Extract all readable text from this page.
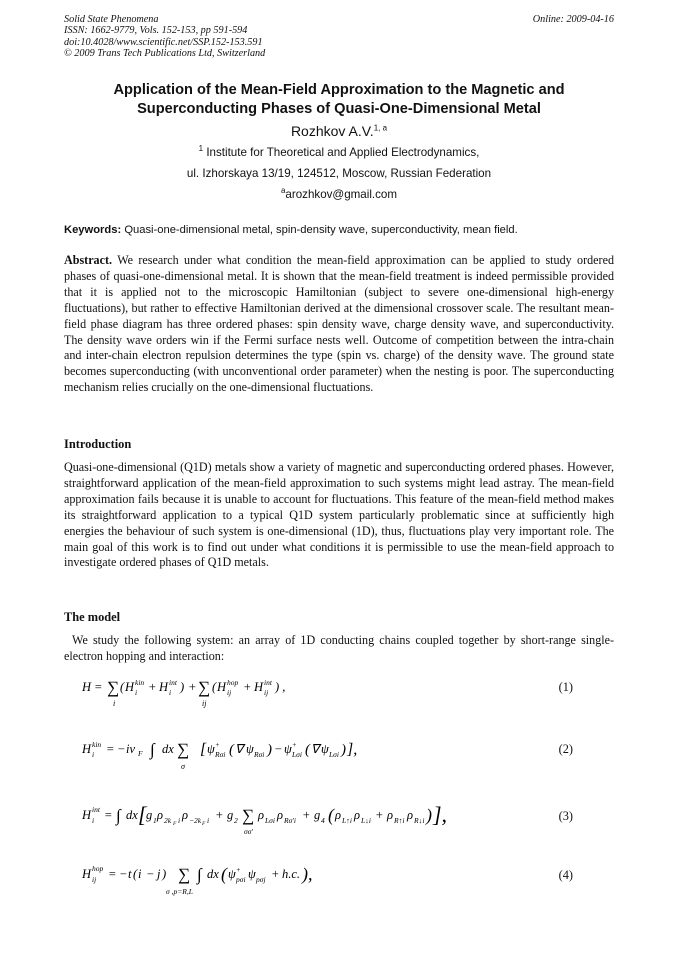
Solid State Phenomena
ISSN: 1662-9779, Vols. 152-153, pp 591-594
doi:10.4028/www.scientific.net/SSP.152-153.591
© 2009 Trans Tech Publications Ltd, Switzerland
Online: 2009-04-16
Application of the Mean-Field Approximation to the Magnetic and
Superconducting Phases of Quasi-One-Dimensional Metal
Rozhkov A.V.$^{1, a}$
$^1$ Institute for Theoretical and Applied Electrodynamics,
ul. Izhorskaya 13/19, 124512, Moscow, Russian Federation
$^a$arozhkov@gmail.com
Keywords: Quasi-one-dimensional metal, spin-density wave, superconductivity, mean field.
Abstract. We research under what condition the mean-field approximation can be applied to study ordered phases of quasi-one-dimensional metal. It is shown that the mean-field treatment is indeed permissible provided that it is applied not to the microscopic Hamiltonian (subject to severe one-dimensional high-energy fluctuations), but rather to effective Hamiltonian derived at the dimensional crossover scale. The resultant mean-field phase diagram has three ordered phases: spin density wave, charge density wave, and superconductivity. The density wave orders win if the Fermi surface nests well. Outcome of competition between the intra-chain and inter-chain electron repulsion determines the type (spin vs. charge) of the density wave. The ground state becomes superconducting (with unconventional order parameter) when the nesting is poor. The superconducting mechanism relies crucially on the one-dimensional fluctuations.
Introduction
Quasi-one-dimensional (Q1D) metals show a variety of magnetic and superconducting ordered phases. However, straightforward application of the mean-field approximation to such systems might lead astray. The mean-field approximation fails because it is unable to account for fluctuations. This feature of the mean-field method makes its straightforward application to a typical Q1D system particularly problematic since at sufficiently high energies the behaviour of such system is one-dimensional (1D), thus, fluctuations play very important role. The main goal of this work is to find out under what conditions it is permissible to use the mean-field approach to investigate ordered phases of Q1D metals.
The model
We study the following system: an array of 1D conducting chains coupled together by short-range single-electron hopping and interaction:
H = ∑
i
( H kin
i + H int
i ) + ∑
ij
( H hop
ij + H int
ij ) ,	(1)
H kin
i = − iv F ∫ dx ∑
σ
[ ψ +
Rσi ( ∇ ψ Rσi ) − ψ +
Lσi ( ∇ ψ Lσi ) ],	(2)
H int
i = ∫ dx [ g 1 ρ 2k F i ρ −2k F i + g 2 ∑
σσ′
ρ Lσi ρ Rσ′i + g 4 ( ρ L↑i ρ L↓i + ρ R↑i ρ R↓i ) ],	(3)
H hop
ij = − t ( i − j ) ∑
σ ,p=R,L
∫ dx ( ψ +
pσi ψ pσj + h.c. ),	(4)
